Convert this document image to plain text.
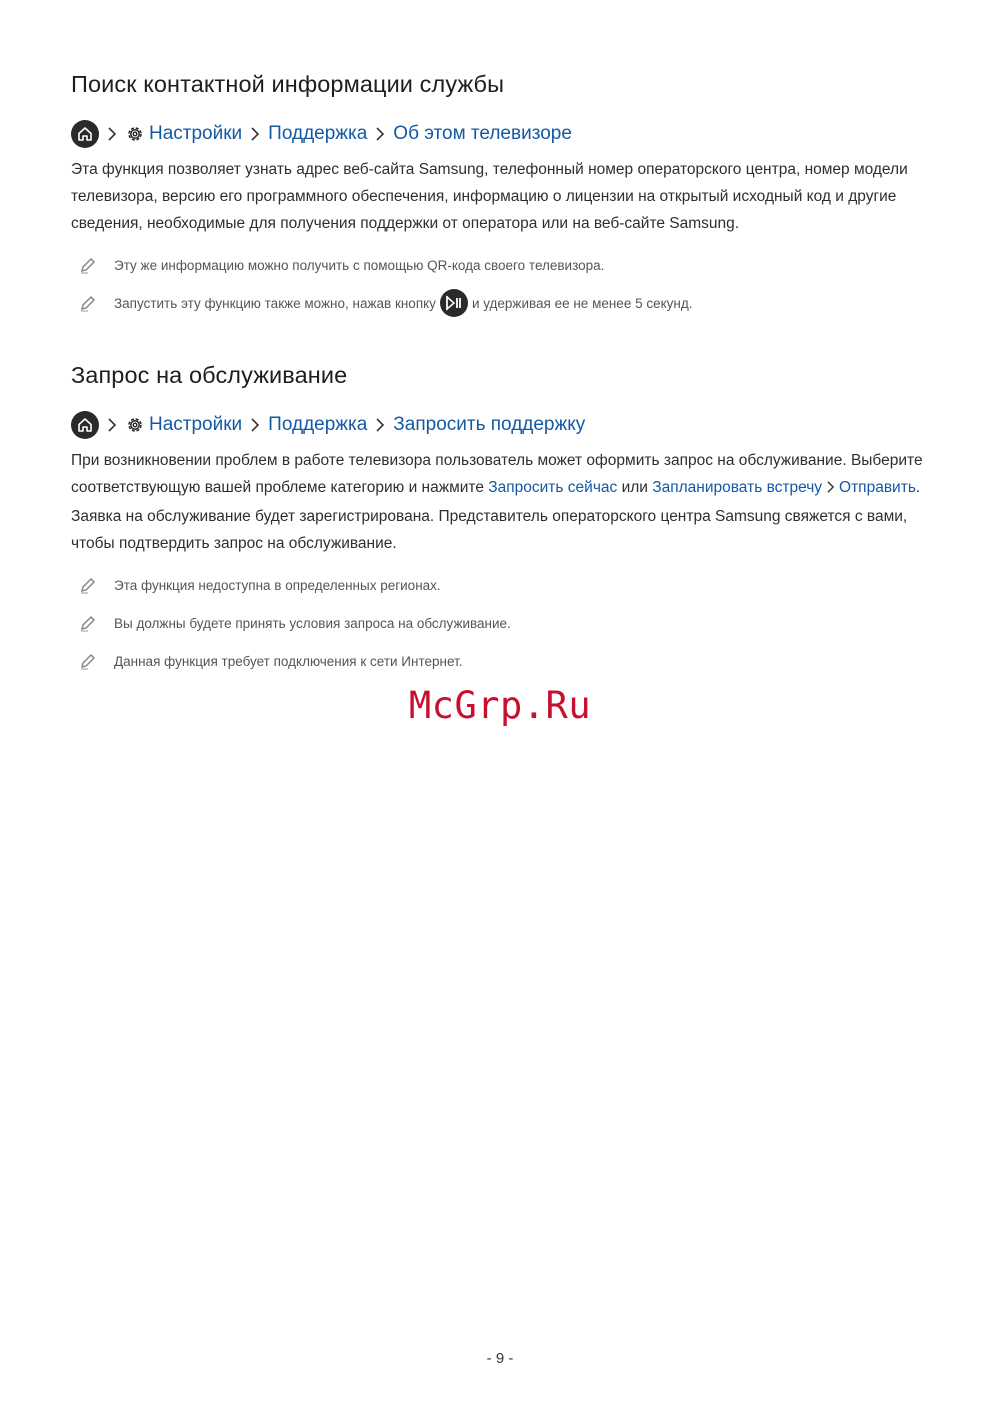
Поиск контактной информации службы
Настройки Поддержка Об этом телевизоре

Эта функция позволяет узнать адрес веб-сайта Samsung, телефонный номер операторского центра, номер модели телевизора, версию его программного обеспечения, информацию о лицензии на открытый исходный код и другие сведения, необходимые для получения поддержки от оператора или на веб-сайте Samsung.

Эту же информацию можно получить с помощью QR-кода своего телевизора.
Запустить эту функцию также можно, нажав кнопку	и удерживая ее не менее 5 секунд.
Запрос на обслуживание
Настройки Поддержка Запросить поддержку

При возникновении проблем в работе телевизора пользователь может оформить запрос на обслуживание. Выберите соответствующую вашей проблеме категорию и нажмите Запросить сейчас или Запланировать встречу Отправить. Заявка на обслуживание будет зарегистрирована. Представитель операторского центра Samsung свяжется с вами, чтобы подтвердить запрос на обслуживание.

Эта функция недоступна в определенных регионах.
Вы должны будете принять условия запроса на обслуживание.
Данная функция требует подключения к сети Интернет.
McGrp.Ru
- 9 -
